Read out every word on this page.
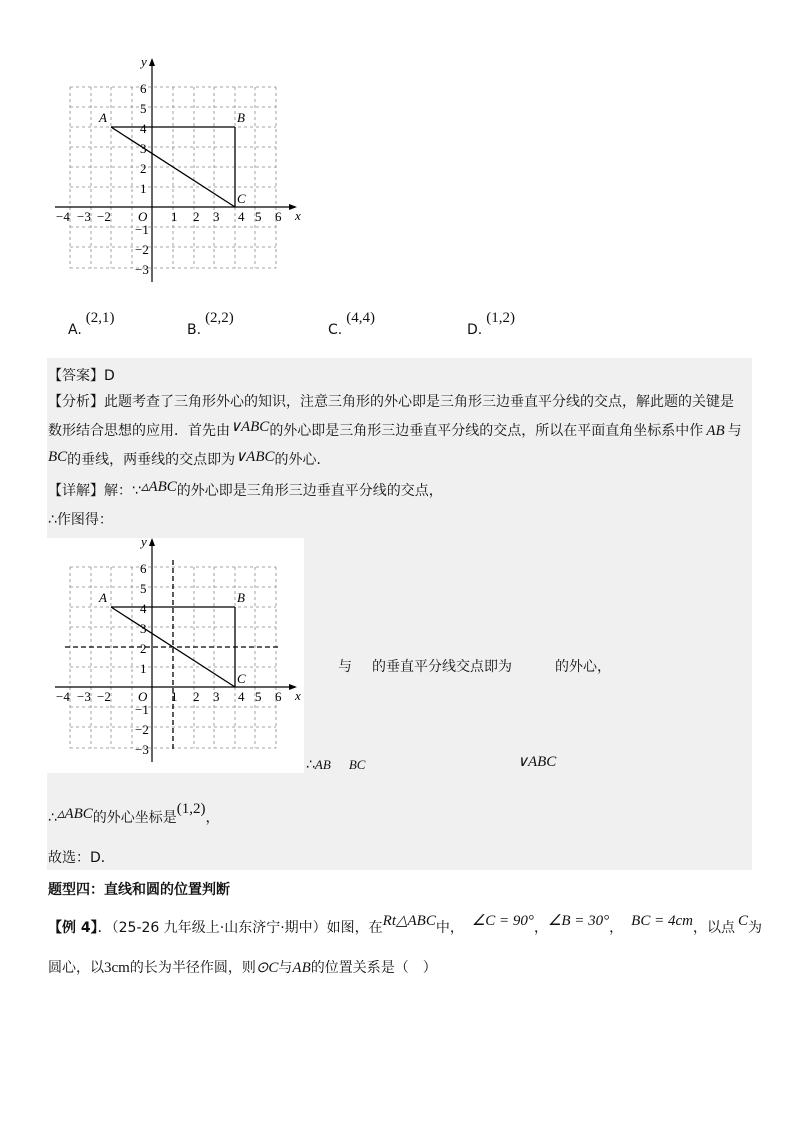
x
y
O
−4 −3 −2	1 2 3 4 5 6
6
5
4
3
2
1
−1
−2
−3
A	B
C
A.(2,1)
B.(2,2)
C.(4,4)
D.(1,2)
【答案】D
【分析】此题考查了三角形外心的知识，注意三角形的外心即是三角形三边垂直平分线的交点，解此题的关键是
数形结合思想的应用．首先由∨ABC的外心即是三角形三边垂直平分线的交点，所以在平面直角坐标系中作 AB 与
BC的垂线，两垂线的交点即为∨ABC的外心．
【详解】解：∵▵ABC的外心即是三角形三边垂直平分线的交点，
∴作图得：
x
y
O
−4 −3 −2	1 2 3 4 5 6
6
5
4
3
2
1
−1
−2
−3
A	B
C
与 的垂直平分线交点即为	的外心，
∴AB BC	∨ABC
∴▵ABC的外心坐标是(1,2)，
故选：D．
题型四：直线和圆的位置判断
【例 4】．（25-26 九年级上·山东济宁·期中）如图，在Rt△ABC中， ∠C = 90°，∠B = 30°， BC = 4cm，以点 C为
圆心，以3cm的长为半径作圆，则⊙C与AB的位置关系是（　）
